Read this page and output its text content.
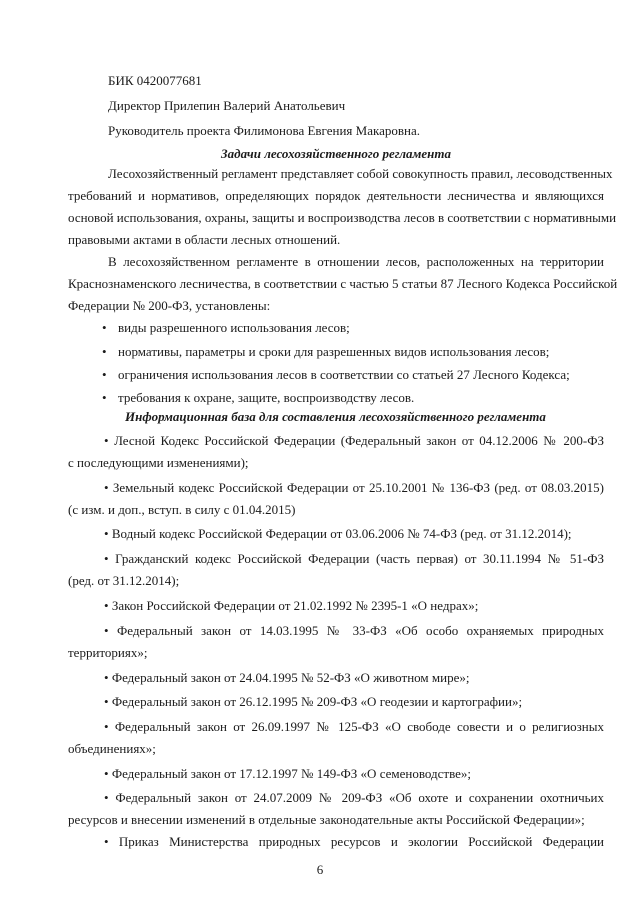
БИК 0420077681
Директор Прилепин Валерий Анатольевич
Руководитель проекта Филимонова Евгения Макаровна.
Задачи лесохозяйственного регламента
Лесохозяйственный регламент представляет собой совокупность правил, лесоводственных
требований и нормативов, определяющих порядок деятельности лесничества и являющихся
основой использования, охраны, защиты и воспроизводства лесов в соответствии с нормативными
правовыми актами в области лесных отношений.
В лесохозяйственном регламенте в отношении лесов, расположенных на территории
Краснознаменского лесничества, в соответствии с частью 5 статьи 87 Лесного Кодекса Российской
Федерации № 200-ФЗ, установлены:
• виды разрешенного использования лесов;
• нормативы, параметры и сроки для разрешенных видов использования лесов;
• ограничения использования лесов в соответствии со статьей 27 Лесного Кодекса;
• требования к охране, защите, воспроизводству лесов.
Информационная база для составления лесохозяйственного регламента
• Лесной Кодекс Российской Федерации (Федеральный закон от 04.12.2006 № 200-ФЗ
с последующими изменениями);
• Земельный кодекс Российской Федерации от 25.10.2001 № 136-ФЗ (ред. от 08.03.2015)
(с изм. и доп., вступ. в силу с 01.04.2015)
• Водный кодекс Российской Федерации от 03.06.2006 № 74-ФЗ (ред. от 31.12.2014);
• Гражданский кодекс Российской Федерации (часть первая) от 30.11.1994 № 51-ФЗ
(ред. от 31.12.2014);
• Закон Российской Федерации от 21.02.1992 № 2395-1 «О недрах»;
• Федеральный закон от 14.03.1995 № 33-ФЗ «Об особо охраняемых природных
территориях»;
• Федеральный закон от 24.04.1995 № 52-ФЗ «О животном мире»;
• Федеральный закон от 26.12.1995 № 209-ФЗ «О геодезии и картографии»;
• Федеральный закон от 26.09.1997 № 125-ФЗ «О свободе совести и о религиозных
объединениях»;
• Федеральный закон от 17.12.1997 № 149-ФЗ «О семеноводстве»;
• Федеральный закон от 24.07.2009 № 209-ФЗ «Об охоте и сохранении охотничьих
ресурсов и внесении изменений в отдельные законодательные акты Российской Федерации»;
• Приказ Министерства природных ресурсов и экологии Российской Федерации
6
